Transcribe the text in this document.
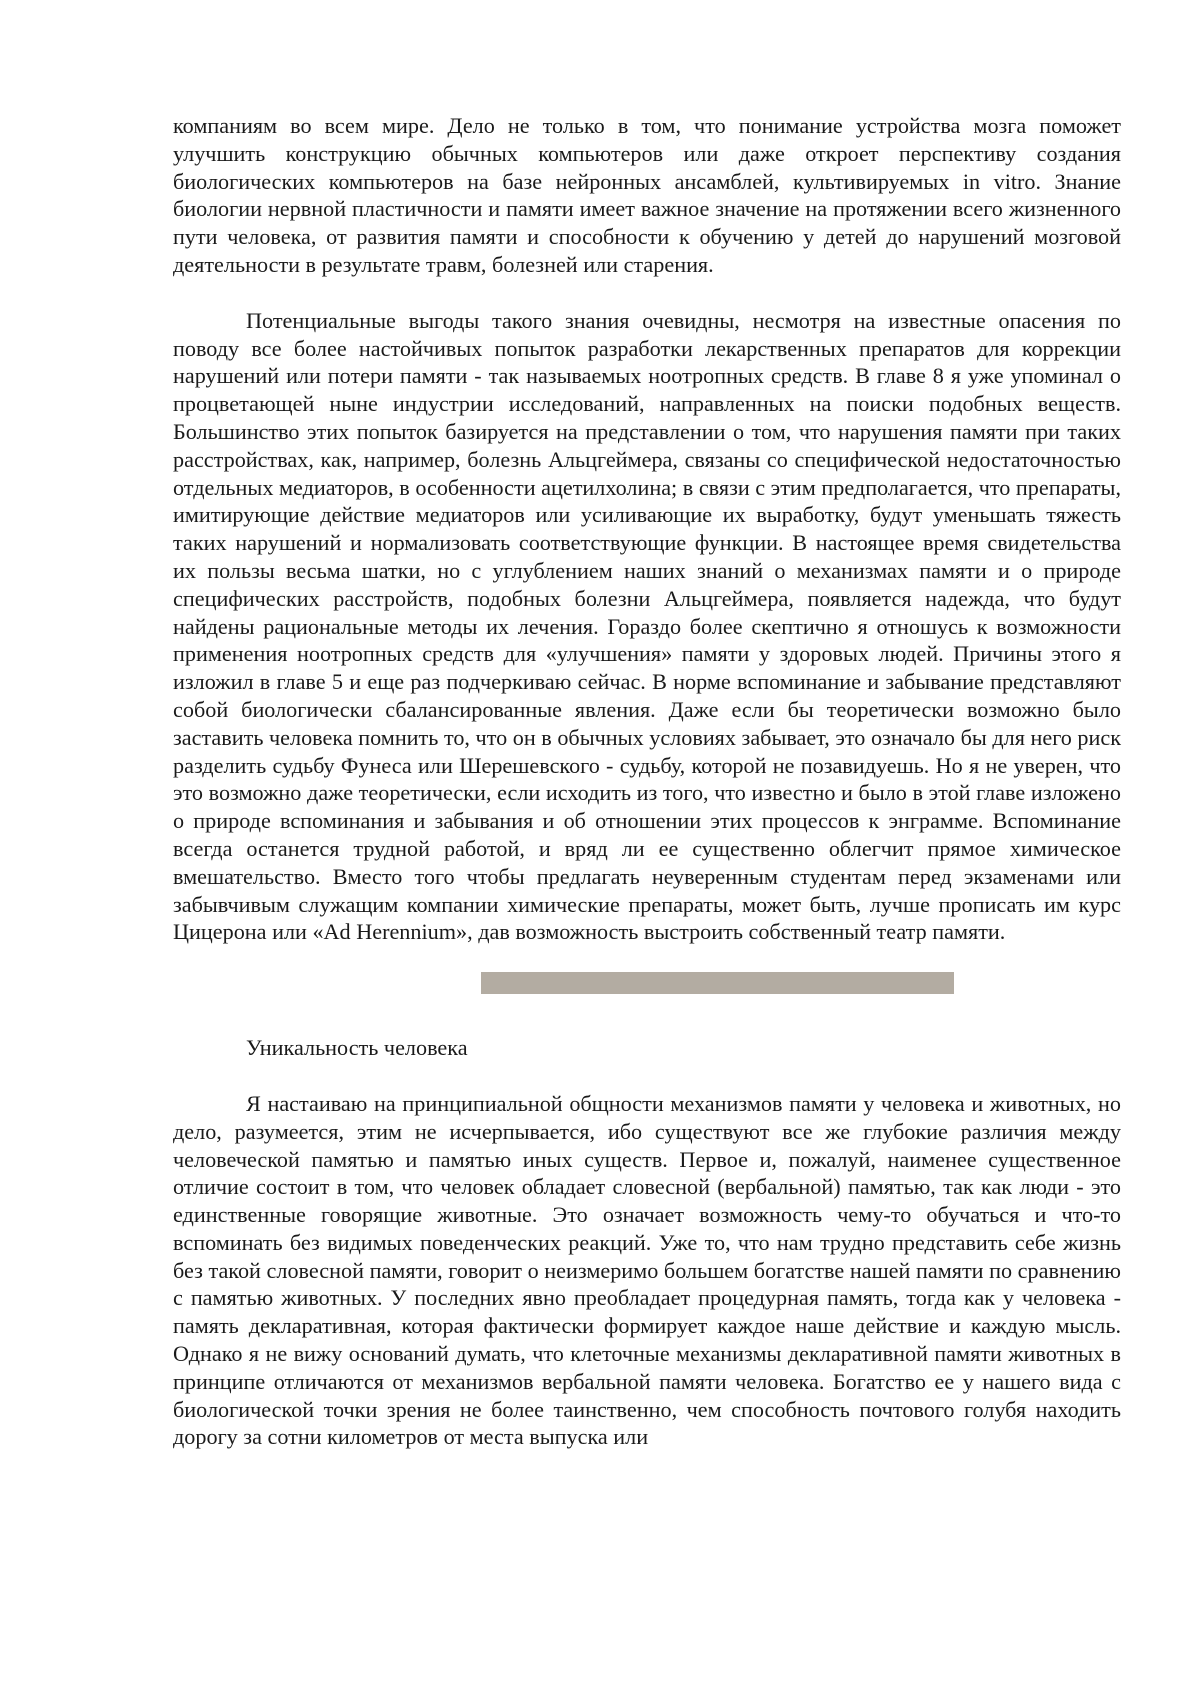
компаниям во всем мире. Дело не только в том, что понимание устройства мозга поможет улучшить конструкцию обычных компьютеров или даже откроет перспективу создания биологических компьютеров на базе нейронных ансамблей, культивируемых in vitro. Знание биологии нервной пластичности и памяти имеет важное значение на протяжении всего жизненного пути человека, от развития памяти и способности к обучению у детей до нарушений мозговой деятельности в результате травм, болезней или старения.

Потенциальные выгоды такого знания очевидны, несмотря на известные опасения по поводу все более настойчивых попыток разработки лекарственных препаратов для коррекции нарушений или потери памяти - так называемых ноотропных средств. В главе 8 я уже упоминал о процветающей ныне индустрии исследований, направленных на поиски подобных веществ. Большинство этих попыток базируется на представлении о том, что нарушения памяти при таких расстройствах, как, например, болезнь Альцгеймера, связаны со специфической недостаточностью отдельных медиаторов, в особенности ацетилхолина; в связи с этим предполагается, что препараты, имитирующие действие медиаторов или усиливающие их выработку, будут уменьшать тяжесть таких нарушений и нормализовать соответствующие функции. В настоящее время свидетельства их пользы весьма шатки, но с углублением наших знаний о механизмах памяти и о природе специфических расстройств, подобных болезни Альцгеймера, появляется надежда, что будут найдены рациональные методы их лечения. Гораздо более скептично я отношусь к возможности применения ноотропных средств для «улучшения» памяти у здоровых людей. Причины этого я изложил в главе 5 и еще раз подчеркиваю сейчас. В норме вспоминание и забывание представляют собой биологически сбалансированные явления. Даже если бы теоретически возможно было заставить человека помнить то, что он в обычных условиях забывает, это означало бы для него риск разделить судьбу Фунеса или Шерешевского - судьбу, которой не позавидуешь. Но я не уверен, что это возможно даже теоретически, если исходить из того, что известно и было в этой главе изложено о природе вспоминания и забывания и об отношении этих процессов к энграмме. Вспоминание всегда останется трудной работой, и вряд ли ее существенно облегчит прямое химическое вмешательство. Вместо того чтобы предлагать неуверенным студентам перед экзаменами или забывчивым служащим компании химические препараты, может быть, лучше прописать им курс Цицерона или «Ad Herennium», дав возможность выстроить собственный театр памяти.

Уникальность человека

Я настаиваю на принципиальной общности механизмов памяти у человека и животных, но дело, разумеется, этим не исчерпывается, ибо существуют все же глубокие различия между человеческой памятью и памятью иных существ. Первое и, пожалуй, наименее существенное отличие состоит в том, что человек обладает словесной (вербальной) памятью, так как люди - это единственные говорящие животные. Это означает возможность чему-то обучаться и что-то вспоминать без видимых поведенческих реакций. Уже то, что нам трудно представить себе жизнь без такой словесной памяти, говорит о неизмеримо большем богатстве нашей памяти по сравнению с памятью животных. У последних явно преобладает процедурная память, тогда как у человека - память декларативная, которая фактически формирует каждое наше действие и каждую мысль. Однако я не вижу оснований думать, что клеточные механизмы декларативной памяти животных в принципе отличаются от механизмов вербальной памяти человека. Богатство ее у нашего вида с биологической точки зрения не более таинственно, чем способность почтового голубя находить дорогу за сотни километров от места выпуска или
